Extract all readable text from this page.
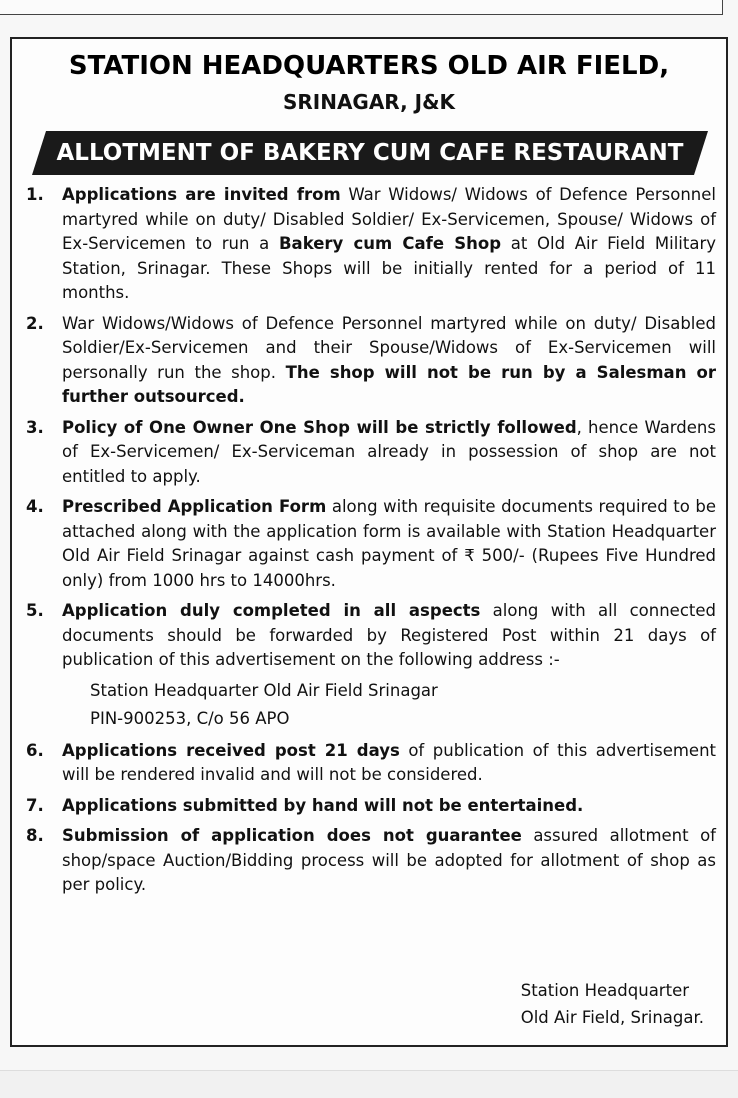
STATION HEADQUARTERS OLD AIR FIELD,
SRINAGAR, J&K
ALLOTMENT OF BAKERY CUM CAFE RESTAURANT
1. Applications are invited from War Widows/ Widows of Defence Personnel martyred while on duty/ Disabled Soldier/ Ex-Servicemen, Spouse/ Widows of Ex-Servicemen to run a Bakery cum Cafe Shop at Old Air Field Military Station, Srinagar. These Shops will be initially rented for a period of 11 months.
2. War Widows/Widows of Defence Personnel martyred while on duty/ Disabled Soldier/Ex-Servicemen and their Spouse/Widows of Ex-Servicemen will personally run the shop. The shop will not be run by a Salesman or further outsourced.
3. Policy of One Owner One Shop will be strictly followed, hence Wardens of Ex-Servicemen/ Ex-Serviceman already in possession of shop are not entitled to apply.
4. Prescribed Application Form along with requisite documents required to be attached along with the application form is available with Station Headquarter Old Air Field Srinagar against cash payment of ₹ 500/- (Rupees Five Hundred only) from 1000 hrs to 14000hrs.
5. Application duly completed in all aspects along with all connected documents should be forwarded by Registered Post within 21 days of publication of this advertisement on the following address :-
Station Headquarter Old Air Field Srinagar
PIN-900253, C/o 56 APO
6. Applications received post 21 days of publication of this advertisement will be rendered invalid and will not be considered.
7. Applications submitted by hand will not be entertained.
8. Submission of application does not guarantee assured allotment of shop/space Auction/Bidding process will be adopted for allotment of shop as per policy.
Station Headquarter
Old Air Field, Srinagar.
